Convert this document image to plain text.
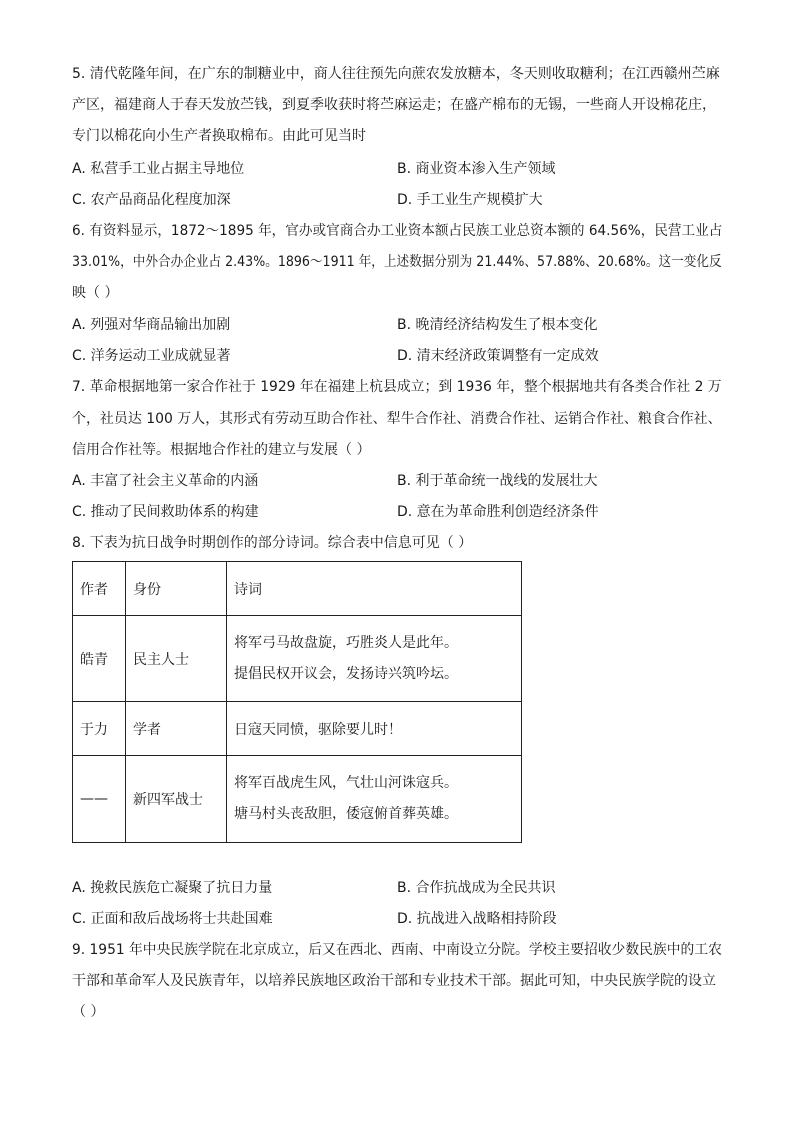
5. 清代乾隆年间，在广东的制糖业中，商人往往预先向蔗农发放糖本，冬天则收取糖利；在江西赣州苎麻
产区，福建商人于春天发放苎钱，到夏季收获时将苎麻运走；在盛产棉布的无锡，一些商人开设棉花庄，
专门以棉花向小生产者换取棉布。由此可见当时
A. 私营手工业占据主导地位	B. 商业资本渗入生产领域
C. 农产品商品化程度加深	D. 手工业生产规模扩大
6. 有资料显示，1872～1895 年，官办或官商合办工业资本额占民族工业总资本额的 64.56%，民营工业占
33.01%，中外合办企业占 2.43%。1896～1911 年，上述数据分别为 21.44%、57.88%、20.68%。这一变化反
映（ ）
A. 列强对华商品输出加剧	B. 晚清经济结构发生了根本变化
C. 洋务运动工业成就显著	D. 清末经济政策调整有一定成效
7. 革命根据地第一家合作社于 1929 年在福建上杭县成立；到 1936 年，整个根据地共有各类合作社 2 万
个，社员达 100 万人，其形式有劳动互助合作社、犁牛合作社、消费合作社、运销合作社、粮食合作社、
信用合作社等。根据地合作社的建立与发展（ ）
A. 丰富了社会主义革命的内涵	B. 利于革命统一战线的发展壮大
C. 推动了民间救助体系的构建	D. 意在为革命胜利创造经济条件
8. 下表为抗日战争时期创作的部分诗词。综合表中信息可见（ ）
作者	身份	诗词
皓青	民主人士	将军弓马故盘旋，巧胜炎人是此年。
提倡民权开议会，发扬诗兴筑吟坛。

于力	学者	日寇天同愤，驱除要儿时！

——	新四军战士	将军百战虎生风，气壮山河诛寇兵。
塘马村头丧敌胆，倭寇俯首葬英雄。
A. 挽救民族危亡凝聚了抗日力量	B. 合作抗战成为全民共识
C. 正面和敌后战场将士共赴国难	D. 抗战进入战略相持阶段
9. 1951 年中央民族学院在北京成立，后又在西北、西南、中南设立分院。学校主要招收少数民族中的工农
干部和革命军人及民族青年，以培养民族地区政治干部和专业技术干部。据此可知，中央民族学院的设立
（ ）
